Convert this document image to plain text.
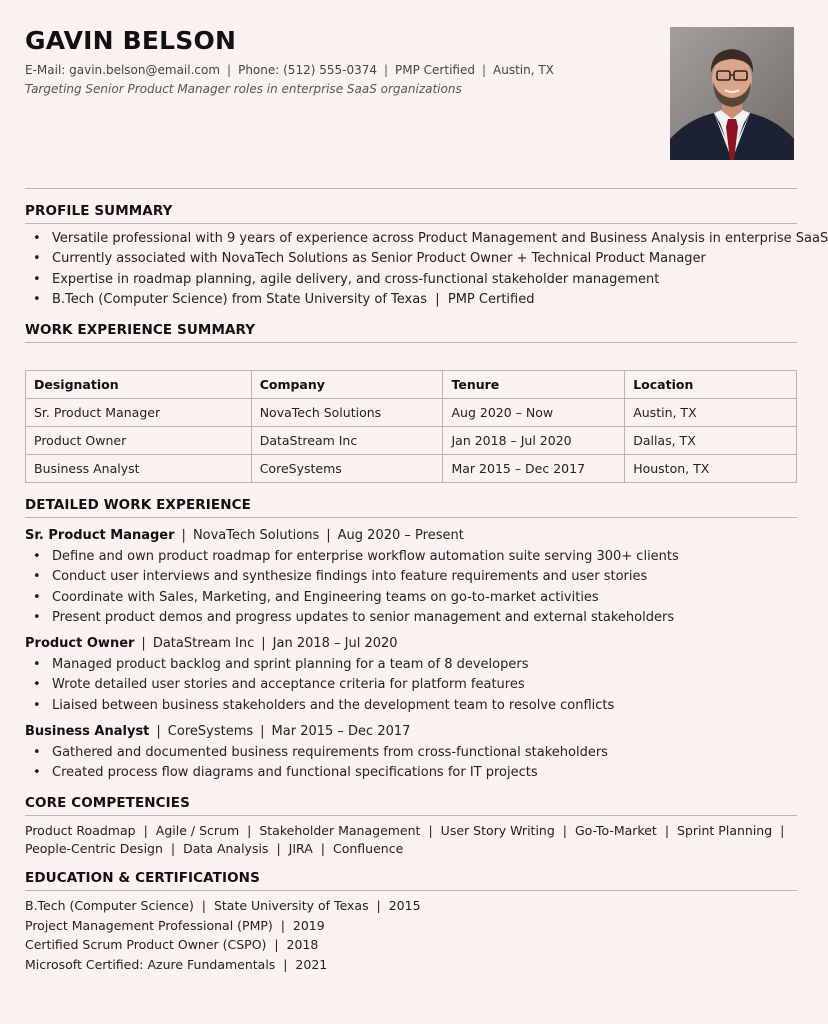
GAVIN BELSON
E-Mail: gavin.belson@email.com | Phone: (512) 555-0374 | PMP Certified | Austin, TX
Targeting Senior Product Manager roles in enterprise SaaS organizations
PROFILE SUMMARY
• Versatile professional with 9 years of experience across Product Management and Business Analysis in enterprise SaaS
• Currently associated with NovaTech Solutions as Senior Product Owner + Technical Product Manager
• Expertise in roadmap planning, agile delivery, and cross-functional stakeholder management
• B.Tech (Computer Science) from State University of Texas  |  PMP Certified
WORK EXPERIENCE SUMMARY
Designation	Company	Tenure	Location
Sr. Product Manager	NovaTech Solutions	Aug 2020 – Now	Austin, TX
Product Owner	DataStream Inc	Jan 2018 – Jul 2020	Dallas, TX
Business Analyst	CoreSystems	Mar 2015 – Dec 2017	Houston, TX
DETAILED WORK EXPERIENCE
Sr. Product Manager | NovaTech Solutions | Aug 2020 – Present
• Define and own product roadmap for enterprise workflow automation suite serving 300+ clients
• Conduct user interviews and synthesize findings into feature requirements and user stories
• Coordinate with Sales, Marketing, and Engineering teams on go-to-market activities
• Present product demos and progress updates to senior management and external stakeholders
Product Owner | DataStream Inc | Jan 2018 – Jul 2020
• Managed product backlog and sprint planning for a team of 8 developers
• Wrote detailed user stories and acceptance criteria for platform features
• Liaised between business stakeholders and the development team to resolve conflicts
Business Analyst | CoreSystems | Mar 2015 – Dec 2017
• Gathered and documented business requirements from cross-functional stakeholders
• Created process flow diagrams and functional specifications for IT projects
CORE COMPETENCIES
Product Roadmap | Agile / Scrum | Stakeholder Management | User Story Writing | Go-To-Market | Sprint Planning |
People-Centric Design | Data Analysis | JIRA | Confluence
EDUCATION & CERTIFICATIONS
B.Tech (Computer Science)  |  State University of Texas  |  2015
Project Management Professional (PMP)  |  2019
Certified Scrum Product Owner (CSPO)  |  2018
Microsoft Certified: Azure Fundamentals  |  2021
